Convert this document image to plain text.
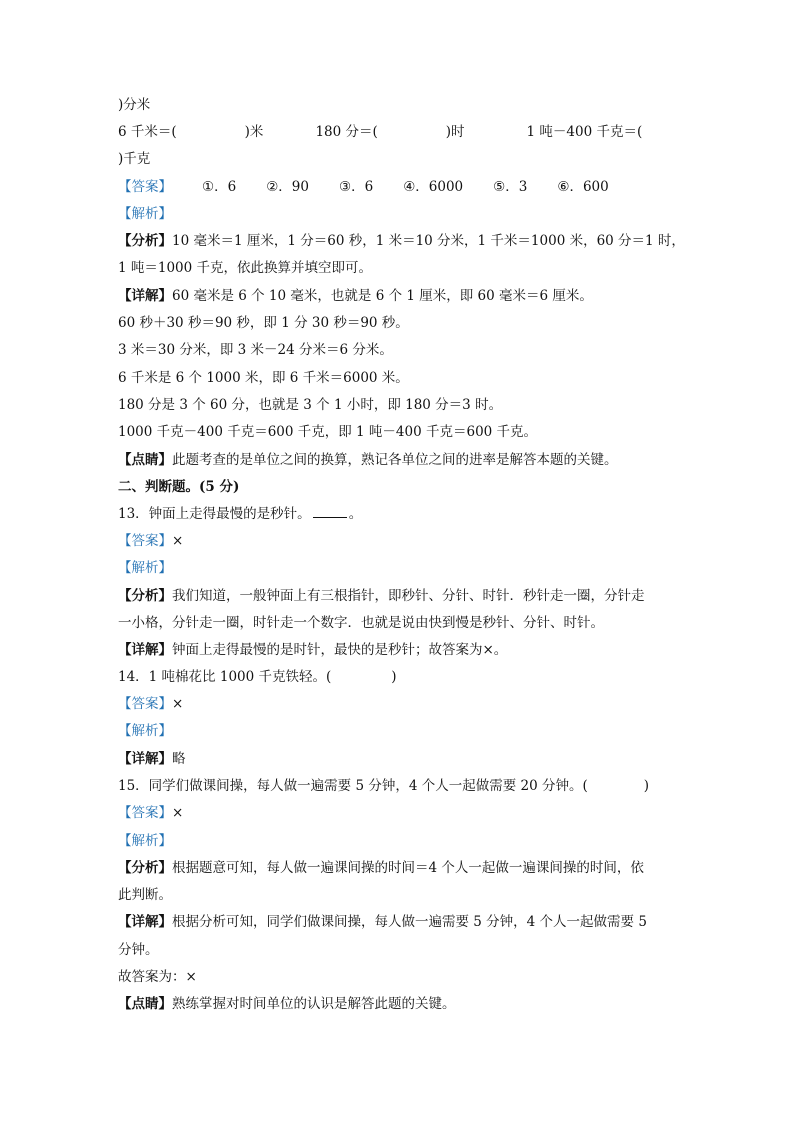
)分米
6 千米＝(	)米	180 分＝(	)时	1 吨－400 千克＝(
)千克
【答案】 ①．6 ②．90 ③．6 ④．6000 ⑤．3 ⑥．600
【解析】
【分析】10 毫米＝1 厘米，1 分＝60 秒，1 米＝10 分米，1 千米＝1000 米，60 分＝1 时，
1 吨＝1000 千克，依此换算并填空即可。
【详解】60 毫米是 6 个 10 毫米，也就是 6 个 1 厘米，即 60 毫米＝6 厘米。
60 秒＋30 秒＝90 秒，即 1 分 30 秒＝90 秒。
3 米＝30 分米，即 3 米－24 分米＝6 分米。
6 千米是 6 个 1000 米，即 6 千米＝6000 米。
180 分是 3 个 60 分，也就是 3 个 1 小时，即 180 分＝3 时。
1000 千克－400 千克＝600 千克，即 1 吨－400 千克＝600 千克。
【点睛】此题考查的是单位之间的换算，熟记各单位之间的进率是解答本题的关键。
二、判断题。(5 分)
13．钟面上走得最慢的是秒针。	。
【答案】×
【解析】
【分析】我们知道，一般钟面上有三根指针，即秒针、分针、时针．秒针走一圈，分针走
一小格，分针走一圈，时针走一个数字．也就是说由快到慢是秒针、分针、时针。
【详解】钟面上走得最慢的是时针，最快的是秒针；故答案为×。
14．1 吨棉花比 1000 千克铁轻。(	)
【答案】×
【解析】
【详解】略
15．同学们做课间操，每人做一遍需要 5 分钟，4 个人一起做需要 20 分钟。(	)
【答案】×
【解析】
【分析】根据题意可知，每人做一遍课间操的时间＝4 个人一起做一遍课间操的时间，依
此判断。
【详解】根据分析可知，同学们做课间操，每人做一遍需要 5 分钟，4 个人一起做需要 5
分钟。
故答案为：×
【点睛】熟练掌握对时间单位的认识是解答此题的关键。
